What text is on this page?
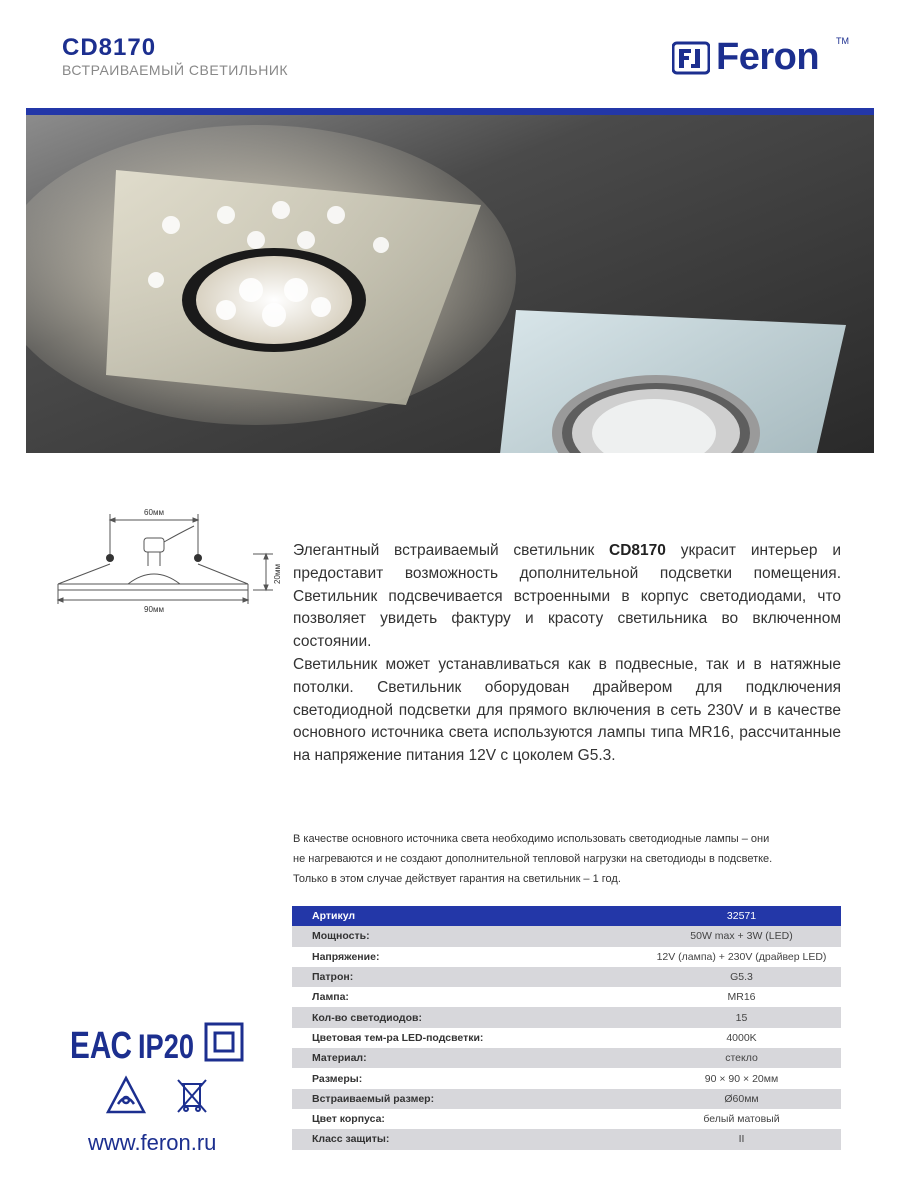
CD8170
ВСТРАИВАЕМЫЙ СВЕТИЛЬНИК	Feron TM
60мм
90мм
20мм

Элегантный встраиваемый светильник CD8170 украсит интерьер и предоставит возможность дополнительной подсветки помещения. Светильник подсвечивается встроенными в корпус светодиодами, что позволяет увидеть фактуру и красоту светильника во включенном состоянии.

Светильник может устанавливаться как в подвесные, так и в натяжные потолки. Светильник оборудован драйвером для подключения светодиодной подсветки для прямого включения в сеть 230V и в качестве основного источника света используются лампы типа MR16, рассчитанные на напряжение питания 12V с цоколем G5.3.

В качестве основного источника света необходимо использовать светодиодные лампы – они

не нагреваются и не создают дополнительной тепловой нагрузки на светодиоды в подсветке.

Только в этом случае действует гарантия на светильник – 1 год.

Артикул	32571
Мощность:	50W max + 3W (LED)
Напряжение:	12V (лампа) + 230V (драйвер LED)
Патрон:	G5.3
Лампа:	MR16
Кол-во светодиодов:	15
Цветовая тем-ра LED-подсветки:	4000K
Материал:	стекло
Размеры:	90 × 90 × 20мм
Встраиваемый размер:	Ø60мм
Цвет корпуса:	белый матовый
Класс защиты:	II
ЕАС IP20
www.feron.ru
